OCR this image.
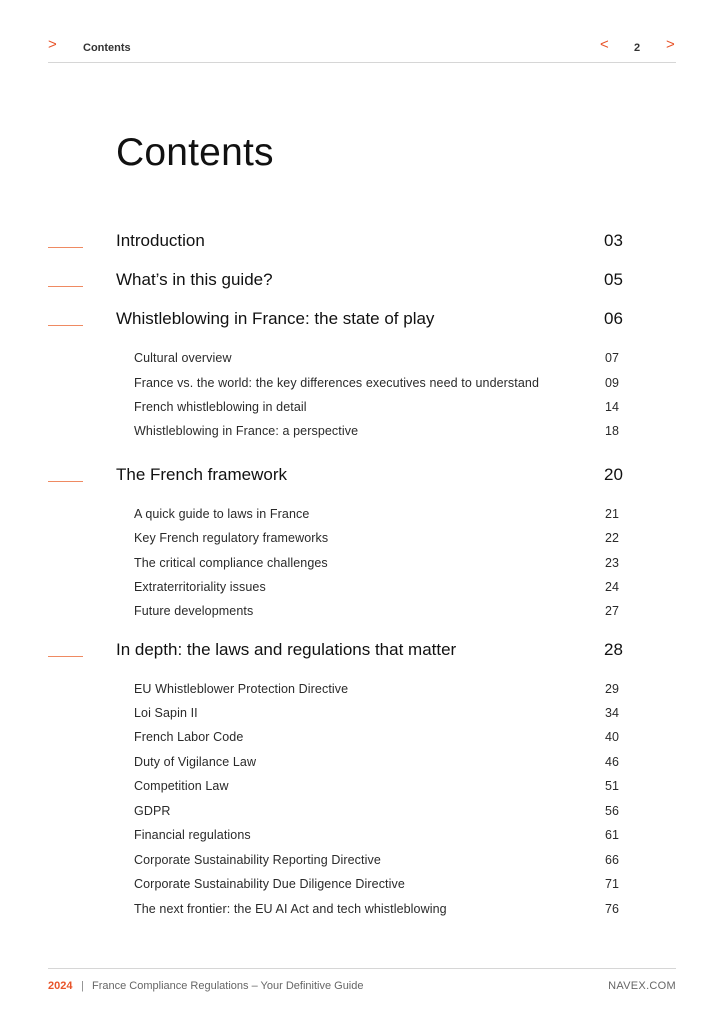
> Contents	< 2 >
Contents
Introduction	03
What’s in this guide?	05
Whistleblowing in France: the state of play	06
Cultural overview	07
France vs. the world: the key differences executives need to understand	09
French whistleblowing in detail	14
Whistleblowing in France: a perspective	18
The French framework	20
A quick guide to laws in France	21
Key French regulatory frameworks	22
The critical compliance challenges	23
Extraterritoriality issues	24
Future developments	27
In depth: the laws and regulations that matter	28
EU Whistleblower Protection Directive	29
Loi Sapin II	34
French Labor Code	40
Duty of Vigilance Law	46
Competition Law	51
GDPR	56
Financial regulations	61
Corporate Sustainability Reporting Directive	66
Corporate Sustainability Due Diligence Directive	71
The next frontier: the EU AI Act and tech whistleblowing	76
2024 | France Compliance Regulations – Your Definitive Guide	NAVEX.COM
